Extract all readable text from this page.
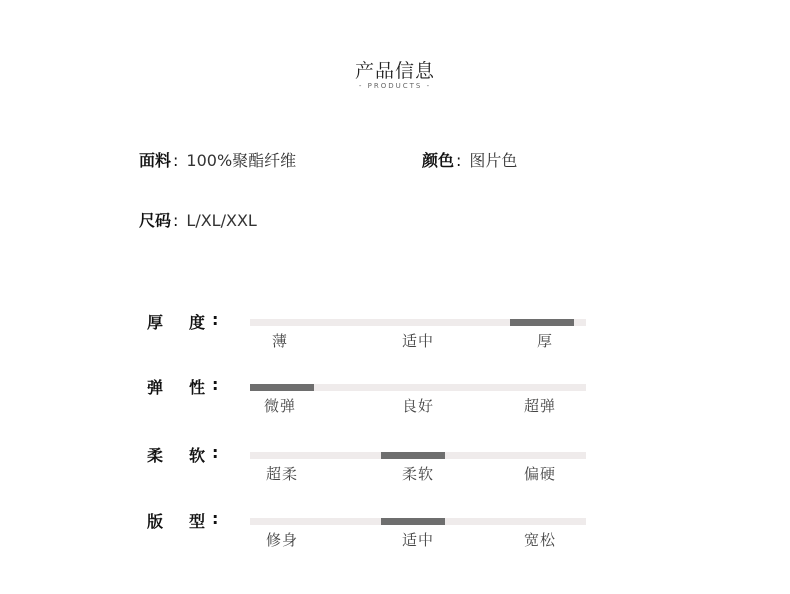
产品信息
- PRODUCTS -
面料 : 100%聚酯纤维	颜色 : 图片色
尺码 : L/XL/XXL
厚 度 :
薄	适中	厚
弹 性 :
微弹	良好	超弹
柔 软 :
超柔	柔软	偏硬
版 型 :
修身	适中	宽松
